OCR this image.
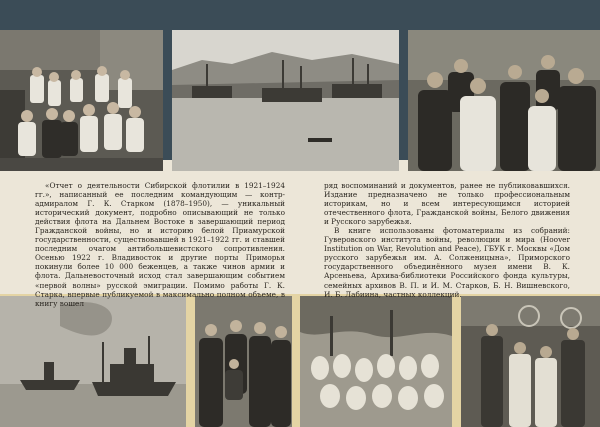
«Отчет о деятельности Сибирской флотилии в 1921–1924 гг.», написанный ее последним командующим — контр-адмиралом Г. К. Старком (1878–1950), — уникальный исторический документ, подробно описывающий не только действия флота на Дальнем Востоке в завершающий период Гражданской войны, но и историю белой Приамурской государственности, существовавшей в 1921–1922 гг. и ставшей последним очагом антибольшевистского сопротивления. Осенью 1922 г. Владивосток и другие порты Приморья покинули более 10 000 беженцев, а также чинов армии и флота. Дальневосточный исход стал завершающим событием «первой волны» русской эмиграции. Помимо работы Г. К. Старка, впервые публикуемой в максимально полном объеме, в книгу вошел

ряд воспоминаний и документов, ранее не публиковавшихся. Издание предназначено не только профессиональным историкам, но и всем интересующимся историей отечественного флота, Гражданской войны, Белого движения и Русского зарубежья.

В книге использованы фотоматериалы из собраний: Гуверовского института войны, революции и мира (Hoover Institution on War, Revolution and Peace), ГБУК г. Москвы «Дом русского зарубежья им. А. Солженицына», Приморского государственного объединённого музея имени В. К. Арсеньева, Архива-библиотеки Российского фонда культуры, семейных архивов В. П. и И. М. Старков, Б. Н. Вишневского, И. Б. Лабиина, частных коллекций.
